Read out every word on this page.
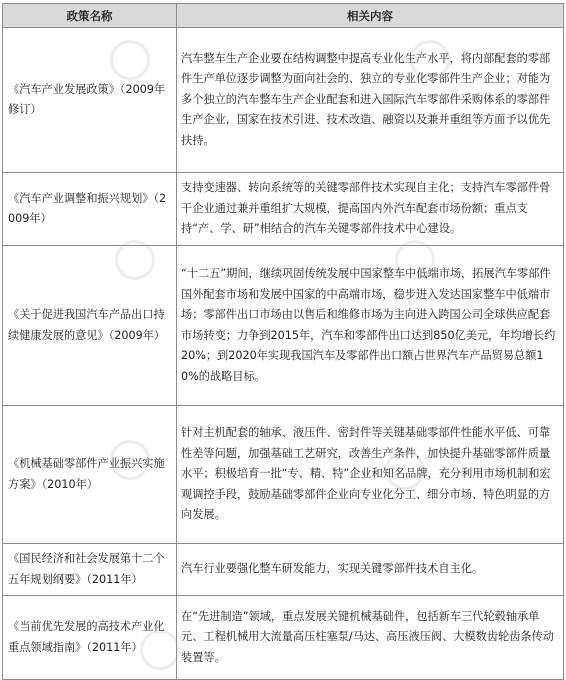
政策名称	相关内容
《汽车产业发展政策》（2009年修订）	汽车整车生产企业要在结构调整中提高专业化生产水平，将内部配套的零部件生产单位逐步调整为面向社会的、独立的专业化零部件生产企业；对能为多个独立的汽车整车生产企业配套和进入国际汽车零部件采购体系的零部件生产企业，国家在技术引进、技术改造、融资以及兼并重组等方面予以优先扶持。
《汽车产业调整和振兴规划》（2009年）	支持变速器、转向系统等的关键零部件技术实现自主化；支持汽车零部件骨干企业通过兼并重组扩大规模，提高国内外汽车配套市场份额；重点支持“产、学、研”相结合的汽车关键零部件技术中心建设。
《关于促进我国汽车产品出口持续健康发展的意见》（2009年）	“十二五”期间，继续巩固传统发展中国家整车中低端市场，拓展汽车零部件国外配套市场和发展中国家的中高端市场，稳步进入发达国家整车中低端市场；零部件出口市场由以售后和维修市场为主向进入跨国公司全球供应配套市场转变；力争到2015年，汽车和零部件出口达到850亿美元，年均增长约20%；到2020年实现我国汽车及零部件出口额占世界汽车产品贸易总额10%的战略目标。
《机械基础零部件产业振兴实施方案》（2010年）	针对主机配套的轴承、液压件、密封件等关键基础零部件性能水平低、可靠性差等问题，加强基础工艺研究，改善生产条件，加快提升基础零部件质量水平；积极培育一批“专、精、特”企业和知名品牌，充分利用市场机制和宏观调控手段，鼓励基础零部件企业向专业化分工、细分市场、特色明显的方向发展。
《国民经济和社会发展第十二个五年规划纲要》（2011年）	汽车行业要强化整车研发能力，实现关键零部件技术自主化。
《当前优先发展的高技术产业化重点领域指南》（2011年）	在“先进制造”领域，重点发展关键机械基础件，包括新车三代轮毂轴承单元、工程机械用大流量高压柱塞泵/马达、高压液压阀、大模数齿轮齿条传动装置等。
